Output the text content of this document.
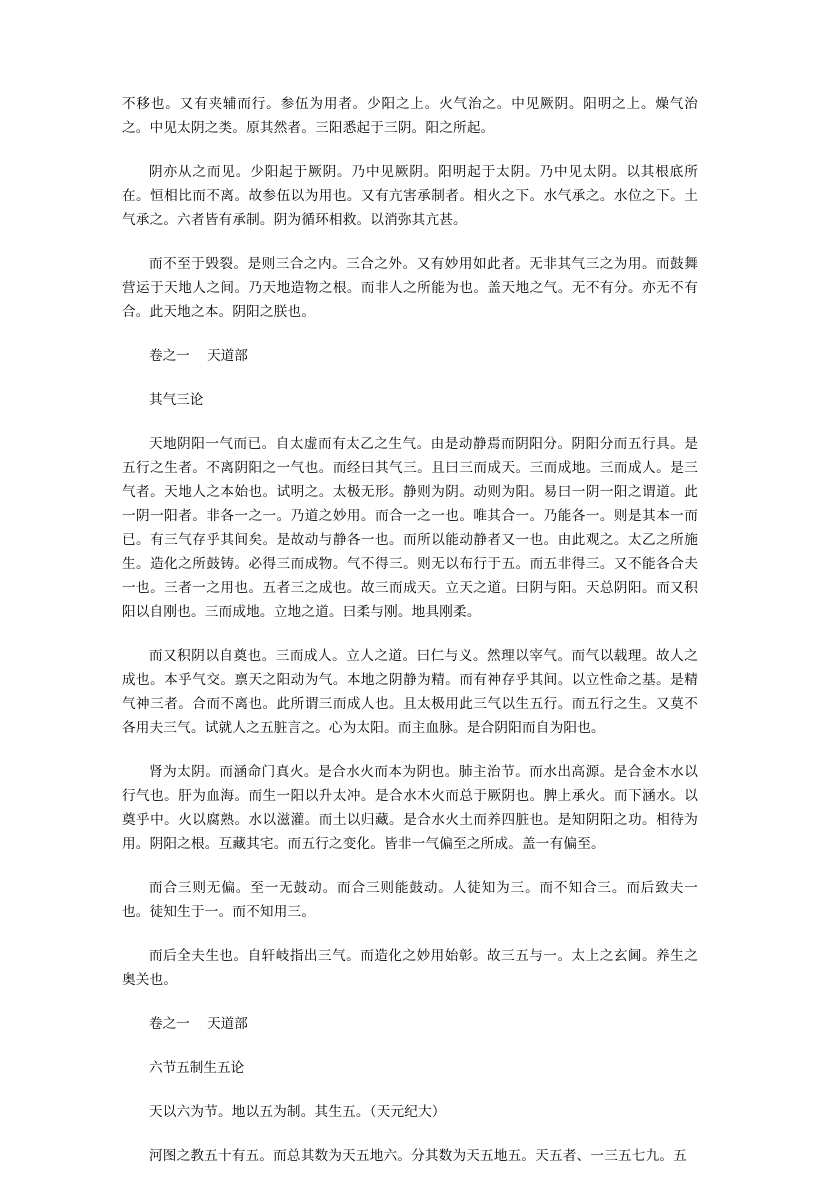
不移也。又有夹辅而行。参伍为用者。少阳之上。火气治之。中见厥阴。阳明之上。燥气治之。中见太阴之类。原其然者。三阳悉起于三阴。阳之所起。

阴亦从之而见。少阳起于厥阴。乃中见厥阴。阳明起于太阴。乃中见太阴。以其根底所在。恒相比而不离。故参伍以为用也。又有亢害承制者。相火之下。水气承之。水位之下。土气承之。六者皆有承制。阴为循环相救。以消弥其亢甚。

而不至于毁裂。是则三合之内。三合之外。又有妙用如此者。无非其气三之为用。而鼓舞营运于天地人之间。乃天地造物之根。而非人之所能为也。盖天地之气。无不有分。亦无不有合。此天地之本。阴阳之朕也。

卷之一    天道部

其气三论

天地阴阳一气而已。自太虚而有太乙之生气。由是动静焉而阴阳分。阴阳分而五行具。是五行之生者。不离阴阳之一气也。而经曰其气三。且曰三而成天。三而成地。三而成人。是三气者。天地人之本始也。试明之。太极无形。静则为阴。动则为阳。易曰一阴一阳之谓道。此一阴一阳者。非各一之一。乃道之妙用。而合一之一也。唯其合一。乃能各一。则是其本一而已。有三气存乎其间矣。是故动与静各一也。而所以能动静者又一也。由此观之。太乙之所施生。造化之所鼓铸。必得三而成物。气不得三。则无以布行于五。而五非得三。又不能各合夫一也。三者一之用也。五者三之成也。故三而成天。立天之道。曰阴与阳。天总阴阳。而又积阳以自刚也。三而成地。立地之道。曰柔与刚。地具刚柔。

而又积阴以自奠也。三而成人。立人之道。曰仁与义。然理以宰气。而气以载理。故人之成也。本乎气交。禀天之阳动为气。本地之阴静为精。而有神存乎其间。以立性命之基。是精气神三者。合而不离也。此所谓三而成人也。且太极用此三气以生五行。而五行之生。又莫不各用夫三气。试就人之五脏言之。心为太阳。而主血脉。是合阴阳而自为阳也。

肾为太阴。而涵命门真火。是合水火而本为阴也。肺主治节。而水出高源。是合金木水以行气也。肝为血海。而生一阳以升太冲。是合水木火而总于厥阴也。脾上承火。而下涵水。以奠乎中。火以腐熟。水以滋灌。而土以归藏。是合水火土而养四脏也。是知阴阳之功。相待为用。阴阳之根。互藏其宅。而五行之变化。皆非一气偏至之所成。盖一有偏至。

而合三则无偏。至一无鼓动。而合三则能鼓动。人徒知为三。而不知合三。而后致夫一也。徒知生于一。而不知用三。

而后全夫生也。自轩岐指出三气。而造化之妙用始彰。故三五与一。太上之玄阃。养生之奥关也。

卷之一    天道部

六节五制生五论

天以六为节。地以五为制。其生五。（天元纪大）

河图之教五十有五。而总其数为天五地六。分其数为天五地五。天五者、一三五七九。五
